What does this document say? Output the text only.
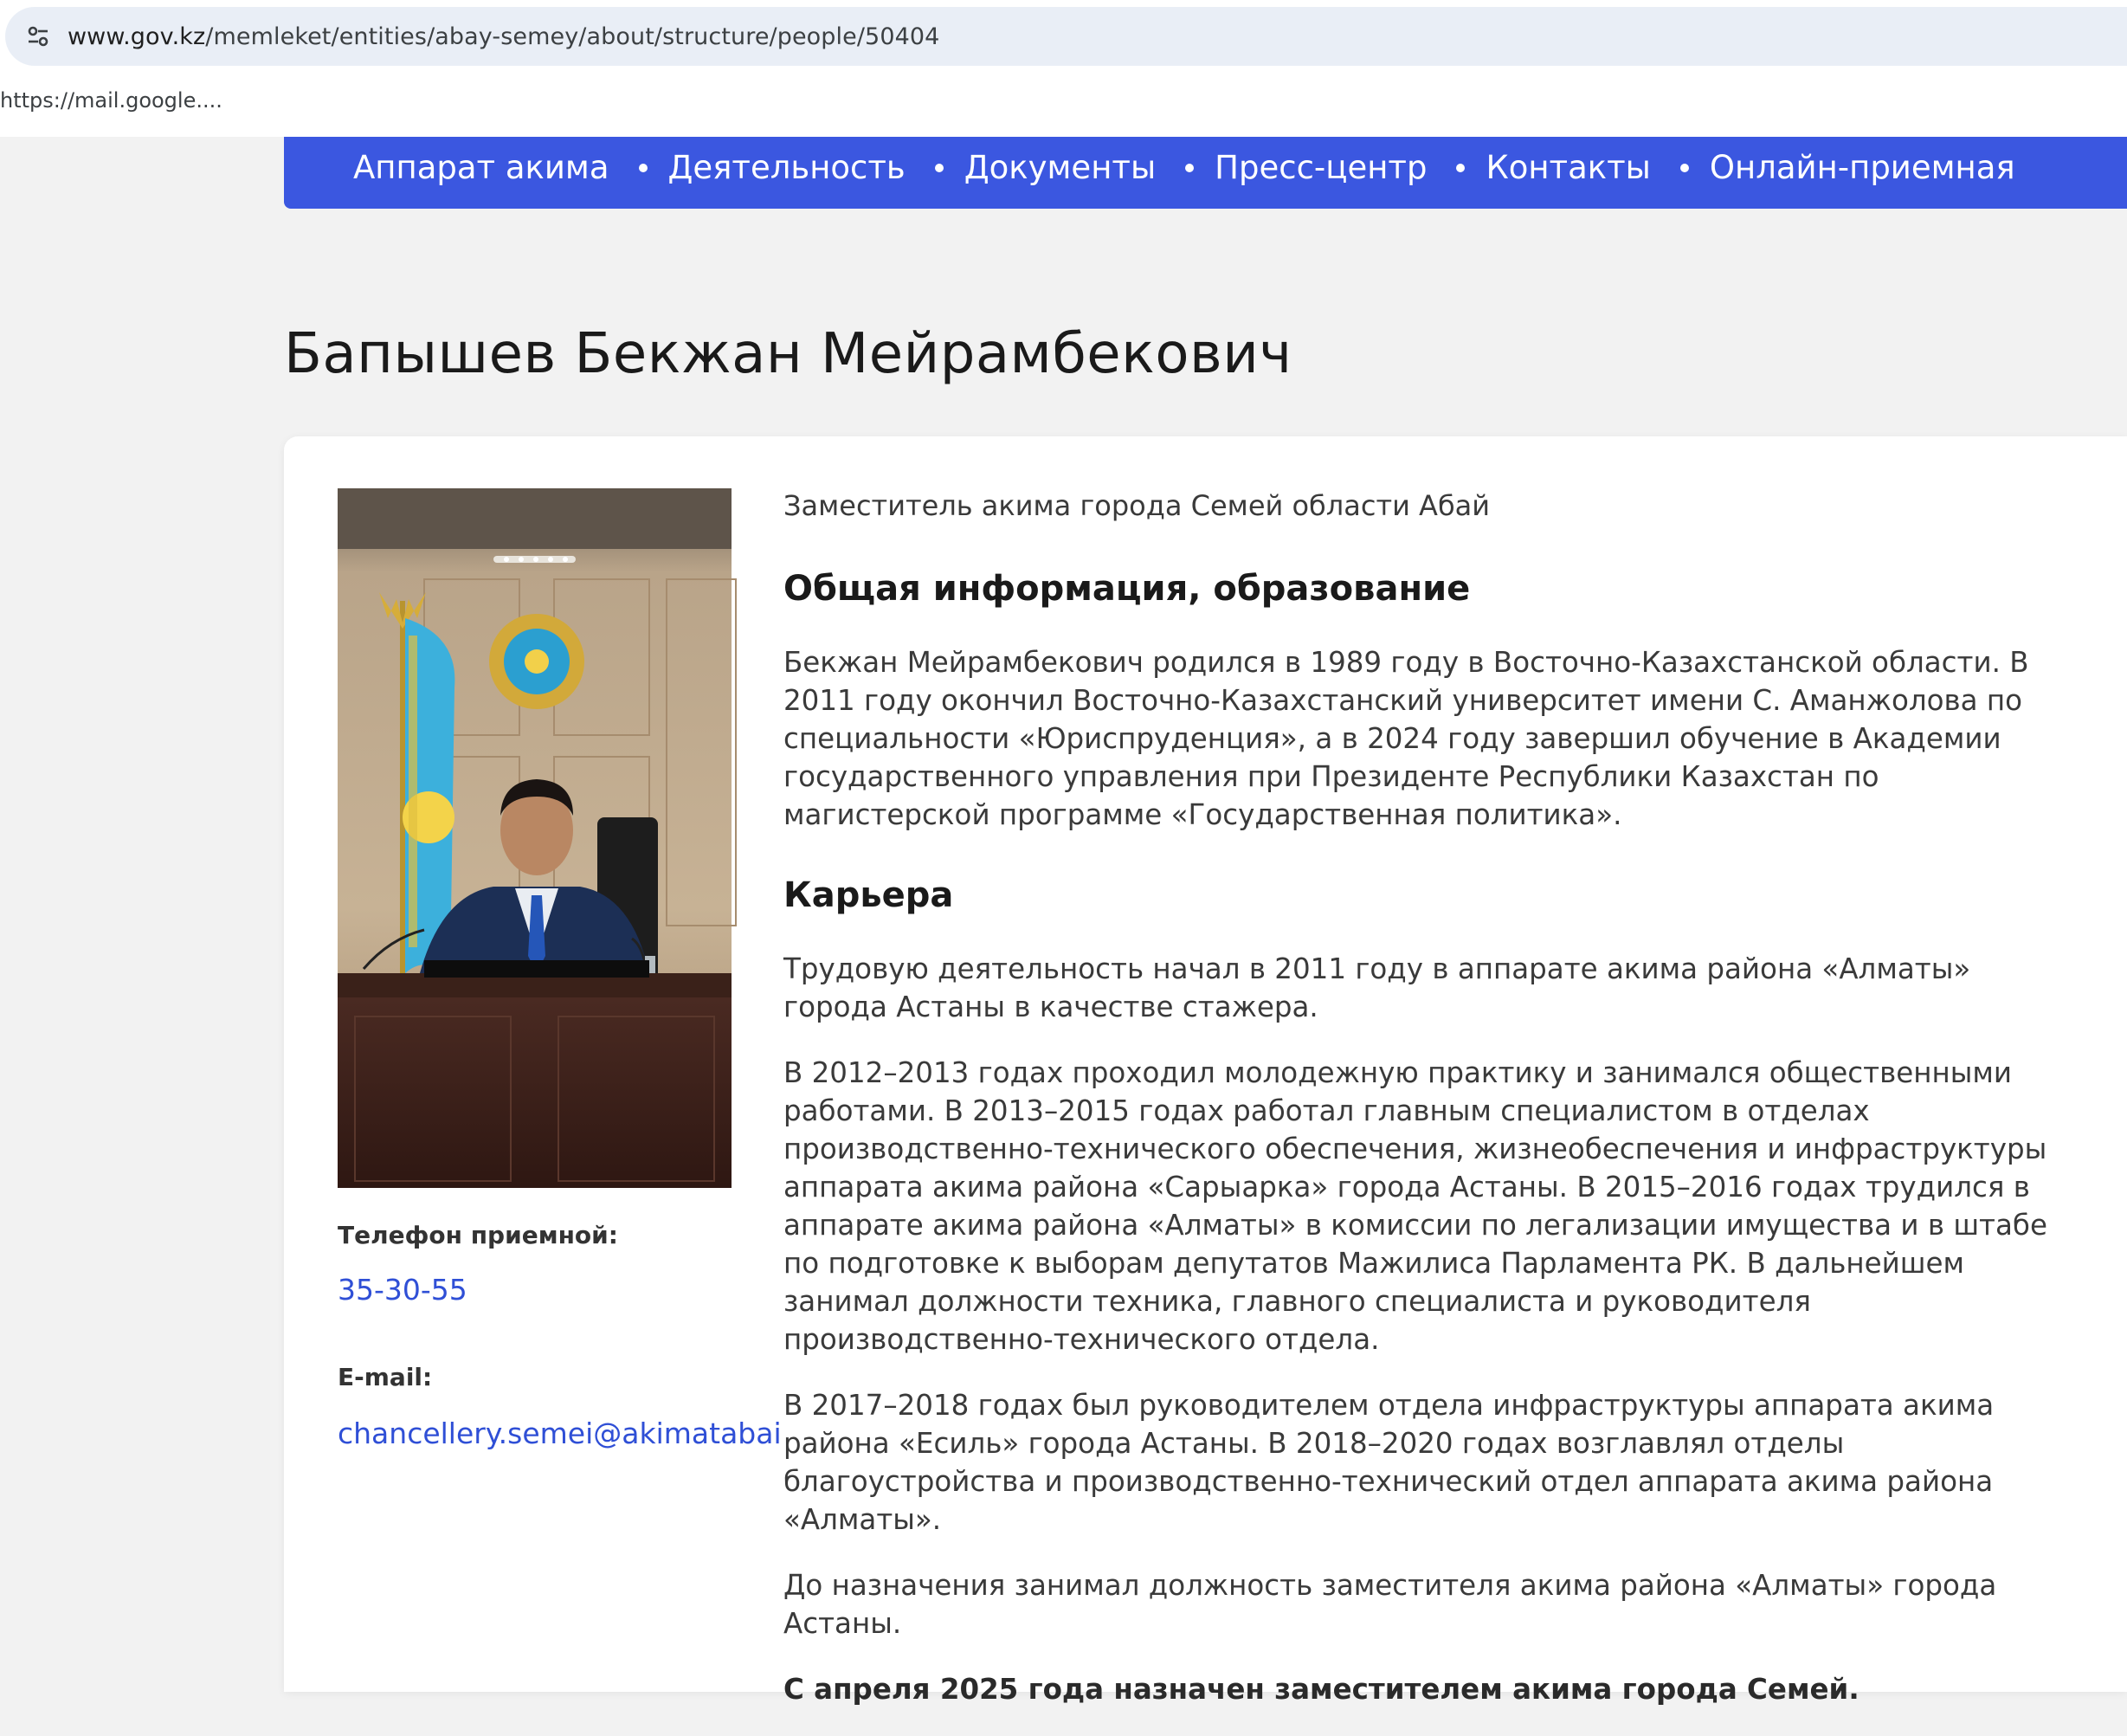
www.gov.kz/memleket/entities/abay-semey/about/structure/people/50404
https://mail.google....
Аппарат акима Деятельность Документы Пресс-центр Контакты Онлайн-приемная
Бапышев Бекжан Мейрамбекович
Телефон приемной:
35-30-55
E-mail:
chancellery.semei@akimatabai

Заместитель акима города Семей области Абай

Общая информация, образование

Бекжан Мейрамбекович родился в 1989 году в Восточно-Казахстанской области. В 2011 году окончил Восточно-Казахстанский университет имени С. Аманжолова по специальности «Юриспруденция», а в 2024 году завершил обучение в Академии государственного управления при Президенте Республики Казахстан по магистерской программе «Государственная политика».

Карьера

Трудовую деятельность начал в 2011 году в аппарате акима района «Алматы» города Астаны в качестве стажера.

В 2012–2013 годах проходил молодежную практику и занимался общественными работами. В 2013–2015 годах работал главным специалистом в отделах производственно-технического обеспечения, жизнеобеспечения и инфраструктуры аппарата акима района «Сарыарка» города Астаны. В 2015–2016 годах трудился в аппарате акима района «Алматы» в комиссии по легализации имущества и в штабе по подготовке к выборам депутатов Мажилиса Парламента РК. В дальнейшем занимал должности техника, главного специалиста и руководителя производственно-технического отдела.

В 2017–2018 годах был руководителем отдела инфраструктуры аппарата акима района «Есиль» города Астаны. В 2018–2020 годах возглавлял отделы благоустройства и производственно-технический отдел аппарата акима района «Алматы».

До назначения занимал должность заместителя акима района «Алматы» города Астаны.

С апреля 2025 года назначен заместителем акима города Семей.
